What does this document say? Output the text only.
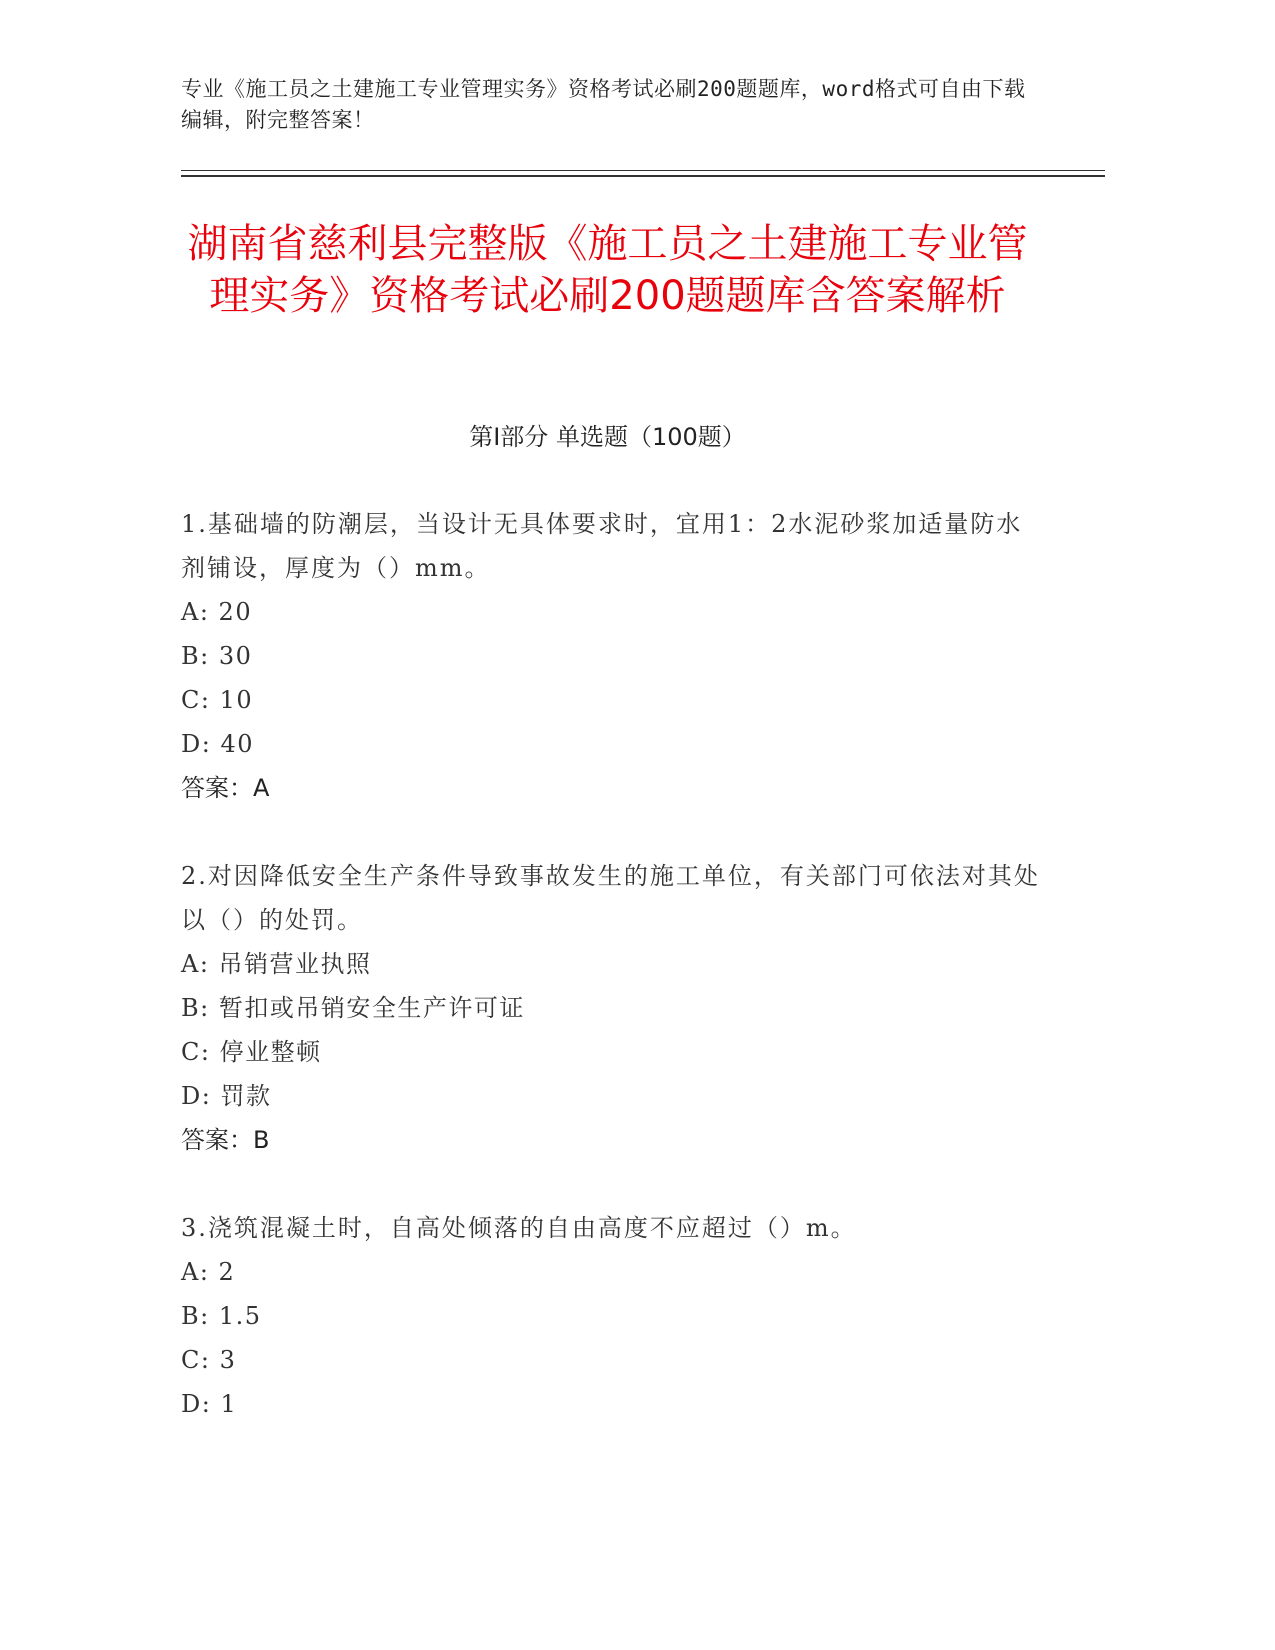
专业《施工员之土建施工专业管理实务》资格考试必刷200题题库，word格式可自由下载编辑，附完整答案！
湖南省慈利县完整版《施工员之土建施工专业管理实务》资格考试必刷200题题库含答案解析
第Ⅰ部分 单选题（100题）

1.基础墙的防潮层，当设计无具体要求时，宜用1：2水泥砂浆加适量防水剂铺设，厚度为（）mm。

A: 20

B: 30

C: 10

D: 40

答案：A

2.对因降低安全生产条件导致事故发生的施工单位，有关部门可依法对其处以（）的处罚。

A: 吊销营业执照

B: 暂扣或吊销安全生产许可证

C: 停业整顿

D: 罚款

答案：B

3.浇筑混凝土时，自高处倾落的自由高度不应超过（）m。

A: 2

B: 1.5

C: 3

D: 1
